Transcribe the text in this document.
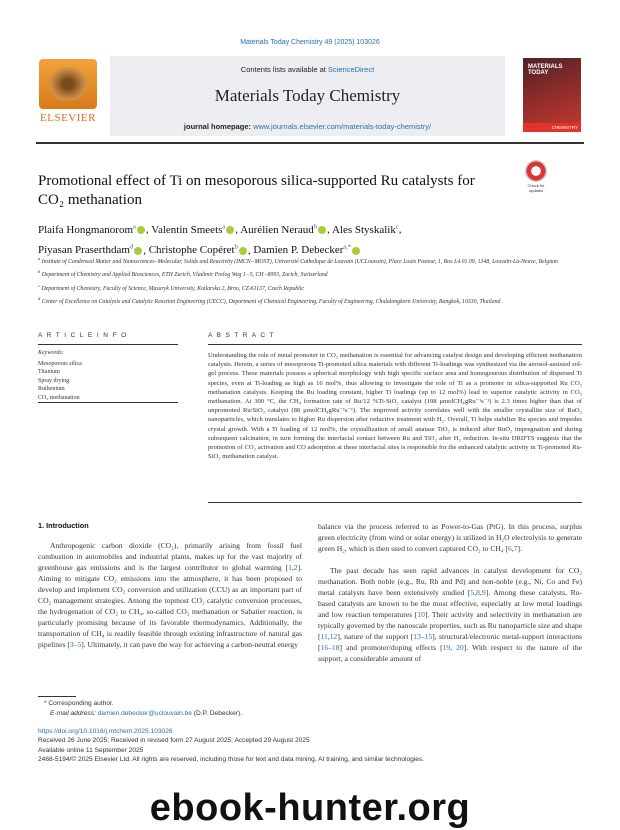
Materials Today Chemistry 49 (2025) 103026
ELSEVIER
Contents lists available at ScienceDirect
Materials Today Chemistry
journal homepage: www.journals.elsevier.com/materials-today-chemistry/
MATERIALS TODAY
CHEMISTRY
Promotional effect of Ti on mesoporous silica-supported Ru catalysts for
CO₂ methanation
Check for updates
Plaifa Hongmanorom$^a$ , Valentin Smeets$^a$ , Aurélien Neraud$^b$ , Ales Styskalik$^c$,
Piyasan Praserthdam$^d$ , Christophe Copéret$^b$ , Damien P. Debecker$^{a,*}$
$^a$ Institute of Condensed Matter and Nanosciences–Molecular, Solids and Reactivity (IMCN−MOST), Université Catholique de Louvain (UCLouvain), Place Louis Pasteur, 1, Box L4.01.09, 1348, Louvain-La-Neuve, Belgium
$^b$ Department of Chemistry and Applied Biosciences, ETH Zurich, Vladimir Prelog Weg 1−5, CH−8093, Zurich, Switzerland
$^c$ Department of Chemistry, Faculty of Science, Masaryk University, Kotlarska 2, Brno, CZ-61137, Czech Republic
$^d$ Center of Excellence on Catalysis and Catalytic Reaction Engineering (CECC), Department of Chemical Engineering, Faculty of Engineering, Chulalongkorn University, Bangkok, 10330, Thailand
A R T I C L E I N F O	A B S T R A C T
Keywords:
Mesoporous silica
Titanium
Spray drying
Ruthenium
CO₂ methanation
Understanding the role of metal promoter in CO₂ methanation is essential for advancing catalyst design and developing efficient methanation catalysts. Herein, a series of mesoporous Ti-promoted silica materials with different Ti-loadings was synthesized via the aerosol-assisted sol-gel process. These materials possess a spherical morphology with high specific surface area and homogeneous distribution of dispersed Ti species, even at Ti-loading as high as 16 mol%, thus allowing to investigate the role of Ti as a promoter in silica-supported Ru CO₂ methanation catalysts. Keeping the Ru loading constant, higher Ti loadings (up to 12 mol%) lead to superior catalytic activity in CO₂ methanation. At 300 °C, the CH₄ formation rate of Ru/12 %Ti-SiO₂ catalyst (198 μmolCH₄gRu⁻¹s⁻¹) is 2.3 times higher than that of unpromoted Ru/SiO₂ catalyst (88 μmolCH₄gRu⁻¹s⁻¹). The improved activity correlates well with the smaller crystallite size of RuO₂ nanoparticles, which translates to higher Ru dispersion after reductive treatment with H₂. Overall, Ti helps stabilize Ru species and impedes crystal growth. With a Ti loading of 12 mol%, the crystallization of small anatase TiO₂ is induced after RuO₂ impregnation and during subsequent calcination, in turn forming the interfacial contact between Ru and TiO₂ after H₂ reduction. In-situ DRIFTS suggests that the promotion of CO₂ activation and CO adsorption at these interfacial sites is responsible for the enhanced catalytic activity in Ti-promoted Ru-SiO₂ methanation catalyst.
1. Introduction
Anthropogenic carbon dioxide (CO₂), primarily arising from fossil fuel combustion in automobiles and industrial plants, makes up for the vast majority of greenhouse gas emissions and is the largest contributor to global warming [1,2]. Aiming to mitigate CO₂ emissions into the atmosphere, it has been proposed to develop and implement CO₂ conversion and utilization (CCU) as an important part of CO₂ management strategies. Among the topmost CO₂ catalytic conversion processes, the hydrogenation of CO₂ to CH₄, so-called CO₂ methanation or Sabatier reaction, is particularly promising because of its favorable thermodynamics. Additionally, the transportation of CH₄ is readily feasible through existing infrastructure of natural gas pipelines [3–5]. Ultimately, it can pave the way for achieving a carbon-neutral energy
balance via the process referred to as Power-to-Gas (PtG). In this process, surplus green electricity (from wind or solar energy) is utilized in H₂O electrolysis to generate green H₂, which is then used to convert captured CO₂ to CH₄ [6,7].
The past decade has seen rapid advances in catalyst development for CO₂ methanation. Both noble (e.g., Ru, Rh and Pd) and non-noble (e.g., Ni, Co and Fe) metal catalysts have been extensively studied [5,8,9]. Among these catalysts, Ru-based catalysts are known to be the most effective, especially at low metal loadings and low reaction temperatures [10]. Their activity and selectivity in methanation are typically governed by the nanoscale properties, such as Ru nanoparticle size and shape [11,12], nature of the support [13–15], structural/electronic metal-support interactions [16–18] and promoter/doping effects [19, 20]. With respect to the nature of the support, a considerable amount of
* Corresponding author.
E-mail address: damien.debecker@uclouvain.be (D.P. Debecker).
https://doi.org/10.1016/j.mtchem.2025.103026
Received 26 June 2025; Received in revised form 27 August 2025; Accepted 29 August 2025
Available online 11 September 2025
2468-5194/© 2025 Elsevier Ltd. All rights are reserved, including those for text and data mining, AI training, and similar technologies.
ebook-hunter.org
